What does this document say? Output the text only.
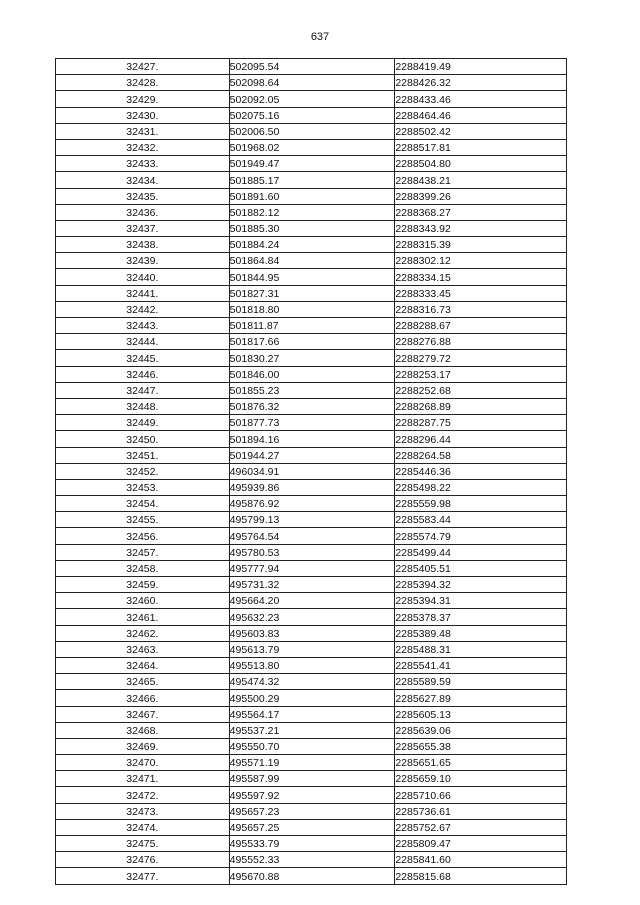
637
32427.	502095.54	2288419.49
32428.	502098.64	2288426.32
32429.	502092.05	2288433.46
32430.	502075.16	2288464.46
32431.	502006.50	2288502.42
32432.	501968.02	2288517.81
32433.	501949.47	2288504.80
32434.	501885.17	2288438.21
32435.	501891.60	2288399.26
32436.	501882.12	2288368.27
32437.	501885.30	2288343.92
32438.	501884.24	2288315.39
32439.	501864.84	2288302.12
32440.	501844.95	2288334.15
32441.	501827.31	2288333.45
32442.	501818.80	2288316.73
32443.	501811.87	2288288.67
32444.	501817.66	2288276.88
32445.	501830.27	2288279.72
32446.	501846.00	2288253.17
32447.	501855.23	2288252.68
32448.	501876.32	2288268.89
32449.	501877.73	2288287.75
32450.	501894.16	2288296.44
32451.	501944.27	2288264.58
32452.	496034.91	2285446.36
32453.	495939.86	2285498.22
32454.	495876.92	2285559.98
32455.	495799.13	2285583.44
32456.	495764.54	2285574.79
32457.	495780.53	2285499.44
32458.	495777.94	2285405.51
32459.	495731.32	2285394.32
32460.	495664.20	2285394.31
32461.	495632.23	2285378.37
32462.	495603.83	2285389.48
32463.	495613.79	2285488.31
32464.	495513.80	2285541.41
32465.	495474.32	2285589.59
32466.	495500.29	2285627.89
32467.	495564.17	2285605.13
32468.	495537.21	2285639.06
32469.	495550.70	2285655.38
32470.	495571.19	2285651.65
32471.	495587.99	2285659.10
32472.	495597.92	2285710.66
32473.	495657.23	2285736.61
32474.	495657.25	2285752.67
32475.	495533.79	2285809.47
32476.	495552.33	2285841.60
32477.	495670.88	2285815.68
